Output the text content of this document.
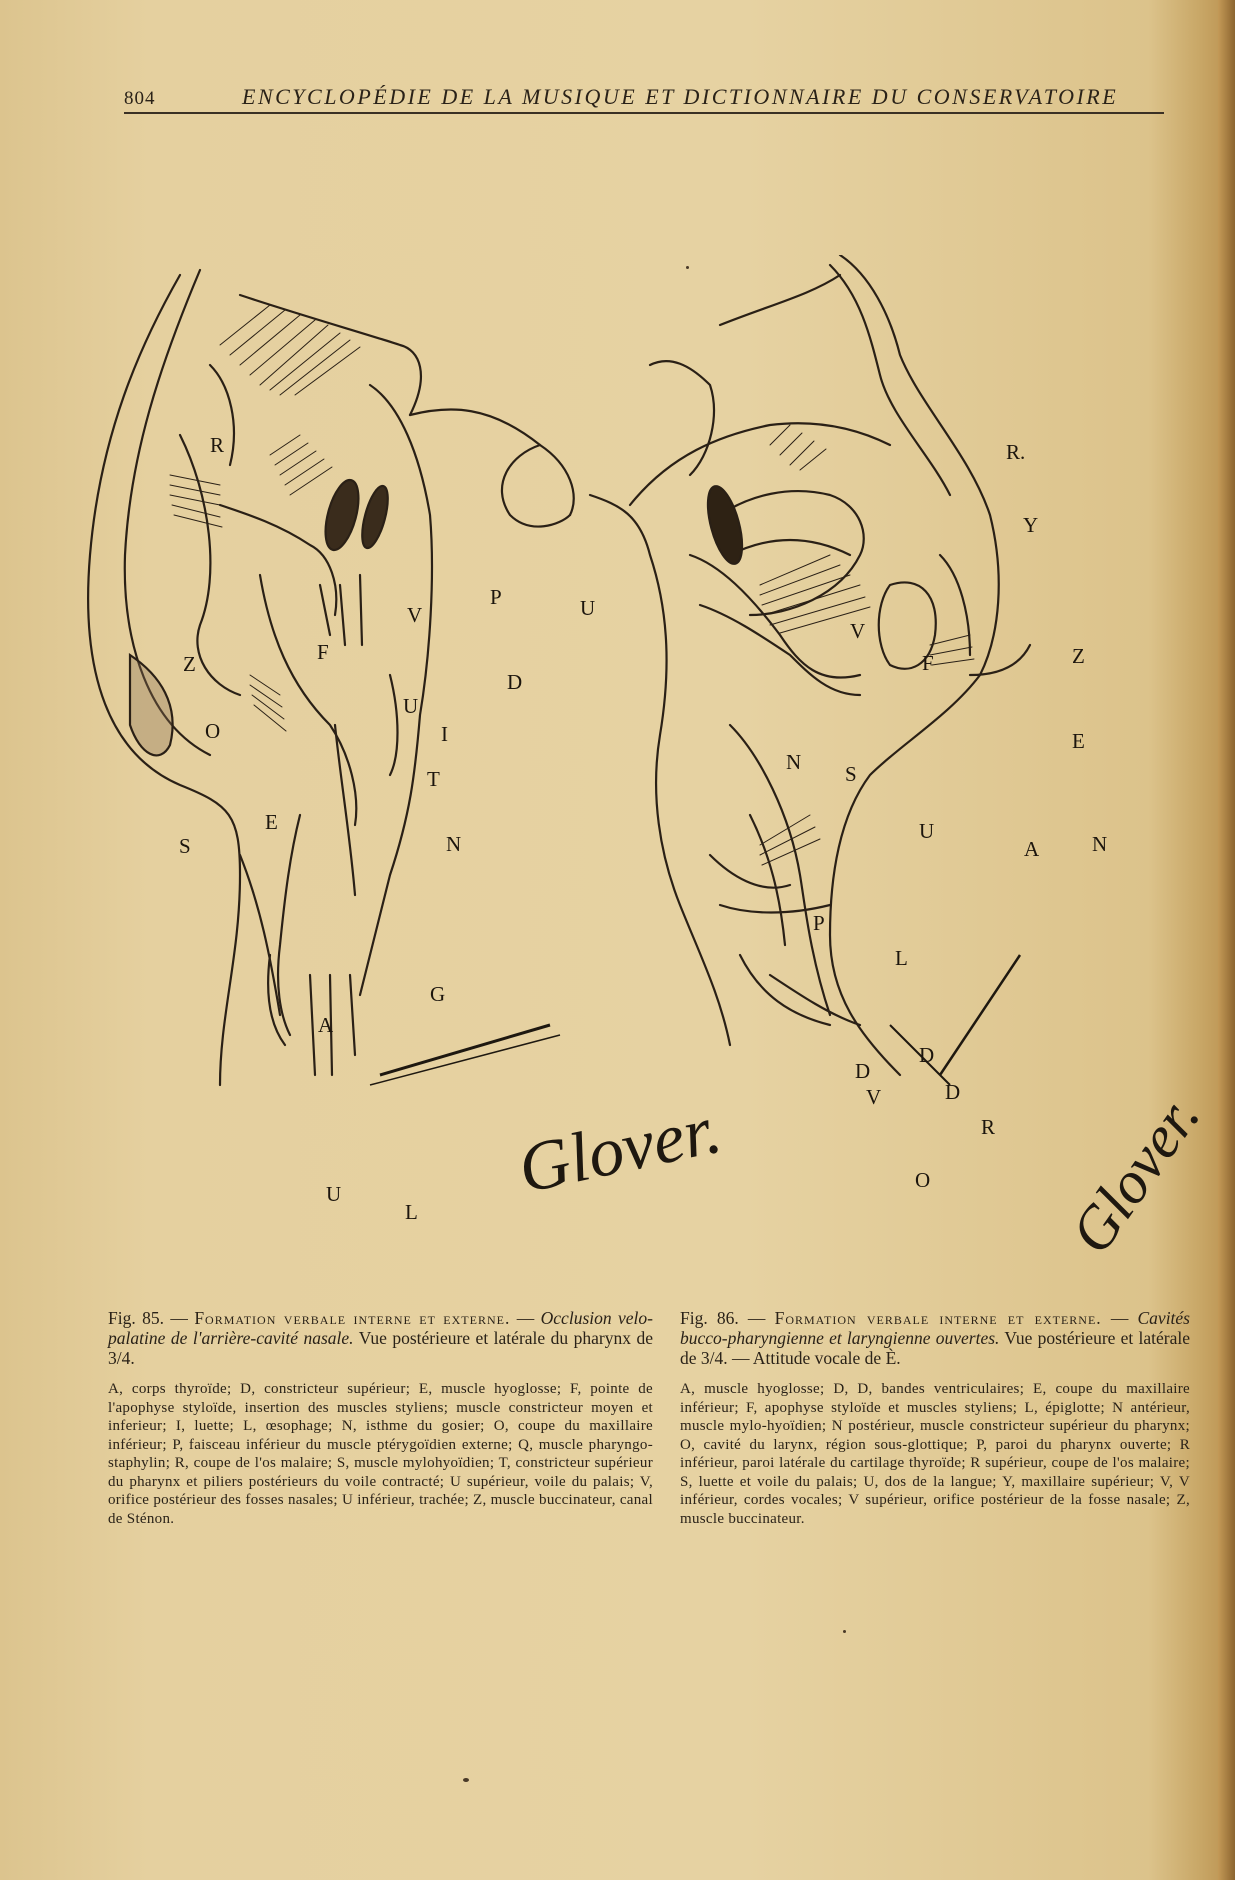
804	ENCYCLOPÉDIE DE LA MUSIQUE ET DICTIONNAIRE DU CONSERVATOIRE
R
V
P
Z	F
D
O
U
I
T
E
S	N
G
A
U
L
U
R.
Y
F	Z
V
E
N S
U
A	N
P
L
D
D
V	D
R
O
Glover.	Glover.
Fig. 85. — Formation verbale interne et externe. — Occlusion velo-palatine de l'arrière-cavité nasale. Vue postérieure et latérale du pharynx de 3/4.
A, corps thyroïde; D, constricteur supérieur; E, muscle hyoglosse; F, pointe de l'apophyse styloïde, insertion des muscles styliens; muscle constricteur moyen et inferieur; I, luette; L, œsophage; N, isthme du gosier; O, coupe du maxillaire inférieur; P, faisceau inférieur du muscle ptérygoïdien externe; Q, muscle pharyngo-staphylin; R, coupe de l'os malaire; S, muscle mylohyoïdien; T, constricteur supérieur du pharynx et piliers postérieurs du voile contracté; U supérieur, voile du palais; V, orifice postérieur des fosses nasales; U inférieur, trachée; Z, muscle buccinateur, canal de Sténon.
Fig. 86. — Formation verbale interne et externe. — Cavités bucco-pharyngienne et laryngienne ouvertes. Vue postérieure et latérale de 3/4. — Attitude vocale de È.
A, muscle hyoglosse; D, D, bandes ventriculaires; E, coupe du maxillaire inférieur; F, apophyse styloïde et muscles styliens; L, épiglotte; N antérieur, muscle mylo-hyoïdien; N postérieur, muscle constricteur supérieur du pharynx; O, cavité du larynx, région sous-glottique; P, paroi du pharynx ouverte; R inférieur, paroi latérale du cartilage thyroïde; R supérieur, coupe de l'os malaire; S, luette et voile du palais; U, dos de la langue; Y, maxillaire supérieur; V, V inférieur, cordes vocales; V supérieur, orifice postérieur de la fosse nasale; Z, muscle buccinateur.
